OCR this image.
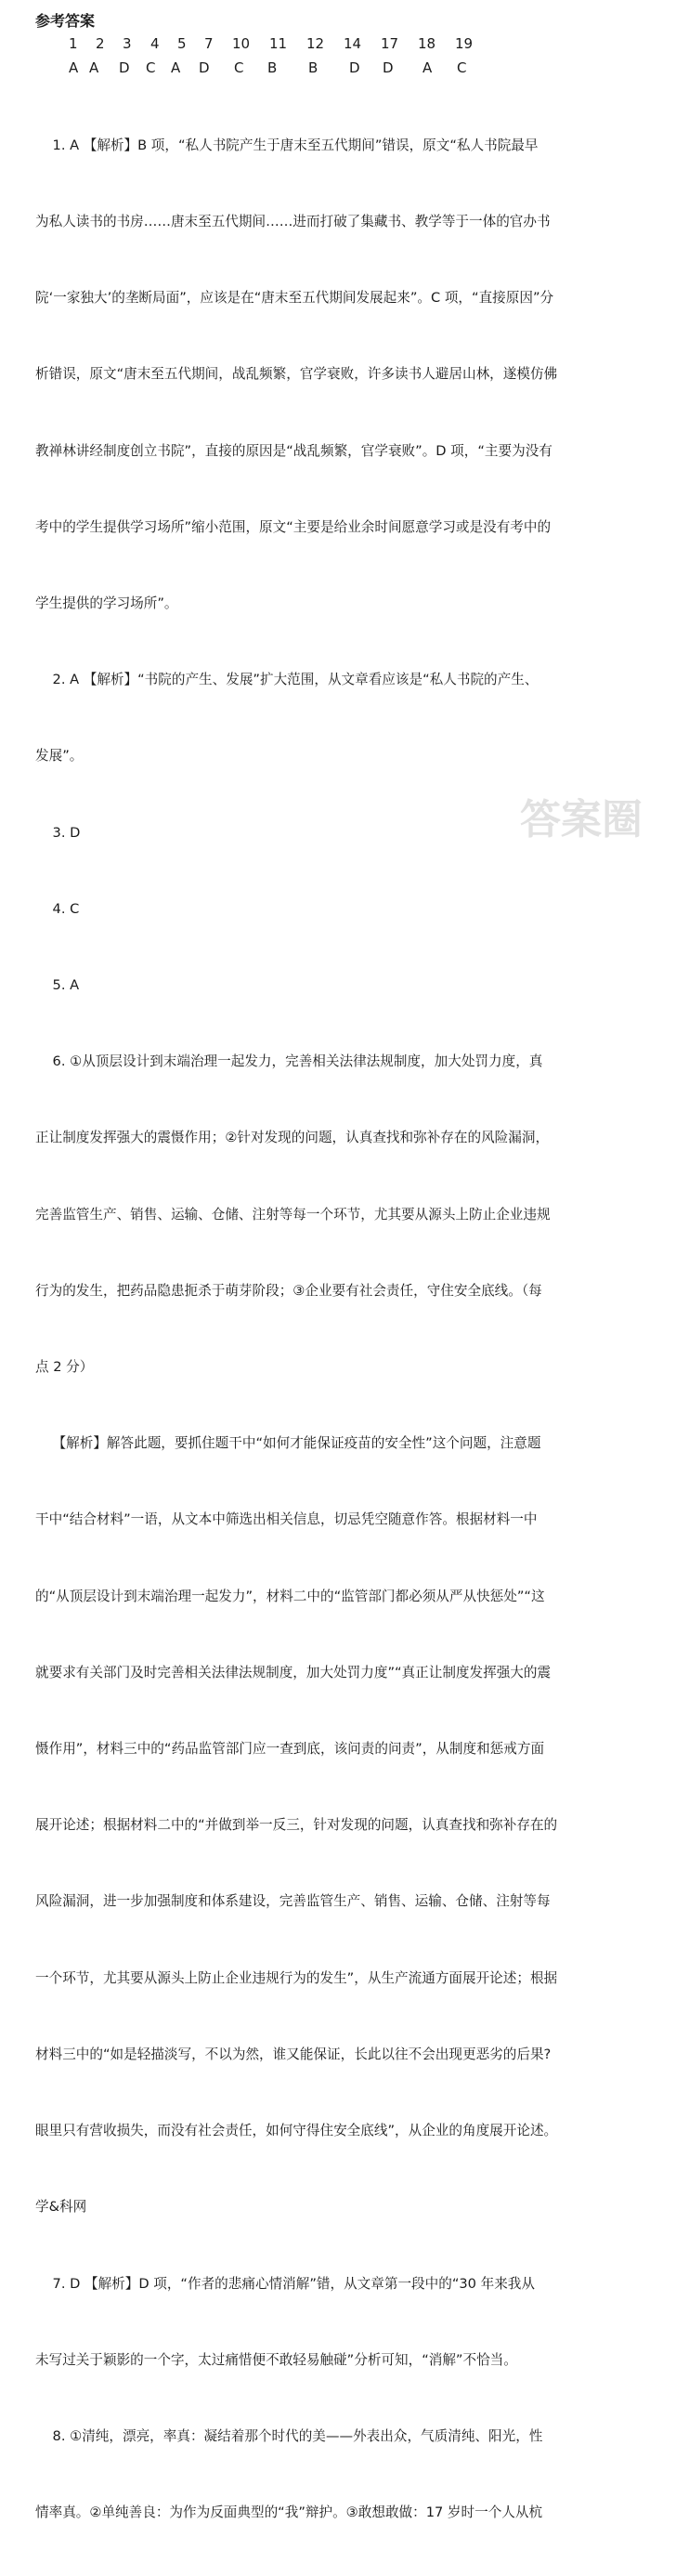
参考答案
1 2 3 4 5 7 10 11 12 14 17 18 19
A A D C A D C B B D D A C

1. A 【解析】B 项，“私人书院产生于唐末至五代期间”错误，原文“私人书院最早

为私人读书的书房……唐末至五代期间……进而打破了集藏书、教学等于一体的官办书

院‘一家独大’的垄断局面”，应该是在“唐末至五代期间发展起来”。C 项，“直接原因”分

析错误，原文“唐末至五代期间，战乱频繁，官学衰败，许多读书人避居山林，遂模仿佛

教禅林讲经制度创立书院”，直接的原因是“战乱频繁，官学衰败”。D 项，“主要为没有

考中的学生提供学习场所”缩小范围，原文“主要是给业余时间愿意学习或是没有考中的

学生提供的学习场所”。

2. A 【解析】“书院的产生、发展”扩大范围，从文章看应该是“私人书院的产生、

发展”。

3. D

4. C

5. A

6. ①从顶层设计到末端治理一起发力，完善相关法律法规制度，加大处罚力度，真

正让制度发挥强大的震慑作用；②针对发现的问题，认真查找和弥补存在的风险漏洞，

完善监管生产、销售、运输、仓储、注射等每一个环节，尤其要从源头上防止企业违规

行为的发生，把药品隐患扼杀于萌芽阶段；③企业要有社会责任，守住安全底线。（每

点 2 分）

【解析】解答此题，要抓住题干中“如何才能保证疫苗的安全性”这个问题，注意题

干中“结合材料”一语，从文本中筛选出相关信息，切忌凭空随意作答。根据材料一中

的“从顶层设计到末端治理一起发力”，材料二中的“监管部门都必须从严从快惩处”“这

就要求有关部门及时完善相关法律法规制度，加大处罚力度”“真正让制度发挥强大的震

慑作用”，材料三中的“药品监管部门应一查到底，该问责的问责”，从制度和惩戒方面

展开论述；根据材料二中的“并做到举一反三，针对发现的问题，认真查找和弥补存在的

风险漏洞，进一步加强制度和体系建设，完善监管生产、销售、运输、仓储、注射等每

一个环节，尤其要从源头上防止企业违规行为的发生”，从生产流通方面展开论述；根据

材料三中的“如是轻描淡写，不以为然，谁又能保证，长此以往不会出现更恶劣的后果?

眼里只有营收损失，而没有社会责任，如何守得住安全底线”，从企业的角度展开论述。

学&科网

7. D 【解析】D 项，“作者的悲痛心情消解”错，从文章第一段中的“30 年来我从

未写过关于颖影的一个字，太过痛惜便不敢轻易触碰”分析可知，“消解”不恰当。

8. ①清纯，漂亮，率真：凝结着那个时代的美——外表出众，气质清纯、阳光，性

情率真。②单纯善良：为作为反面典型的“我”辩护。③敢想敢做：17 岁时一个人从杭

答案圈
